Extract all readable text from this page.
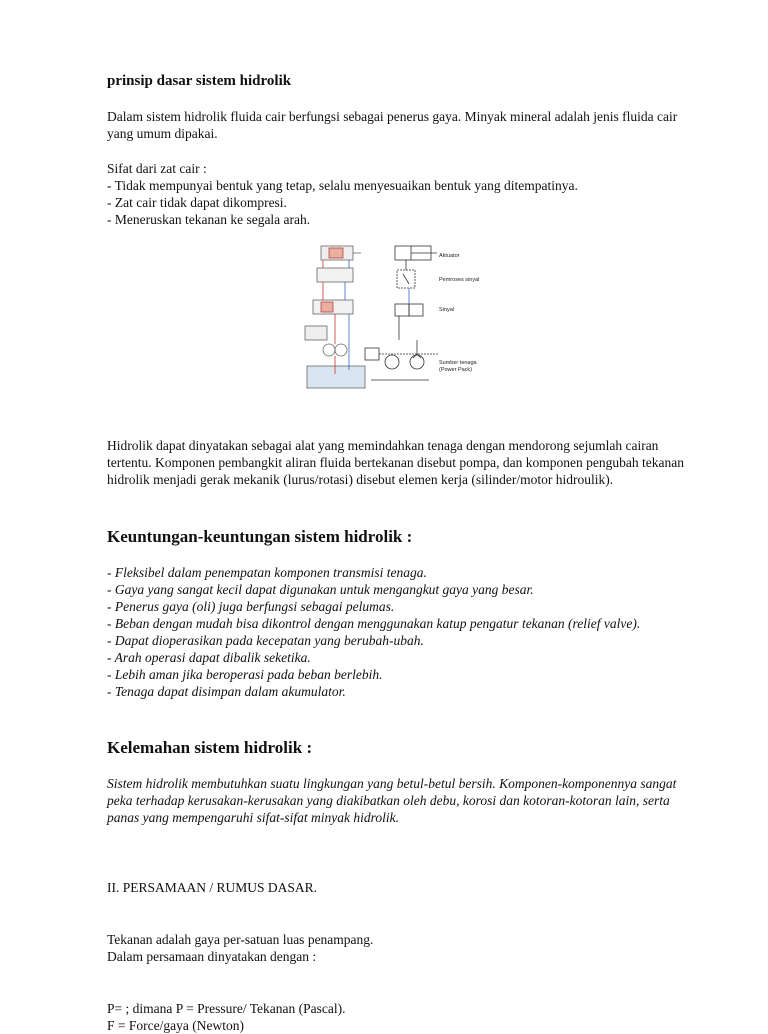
prinsip dasar sistem hidrolik

Dalam sistem hidrolik fluida cair berfungsi sebagai penerus gaya. Minyak mineral adalah jenis fluida cair yang umum dipakai.

Sifat dari zat cair :

- Tidak mempunyai bentuk yang tetap, selalu menyesuaikan bentuk yang ditempatinya.

- Zat cair tidak dapat dikompresi.

- Meneruskan tekanan ke segala arah.

Aktuator
Pemroses sinyal
Sinyal
Sumber tenaga
(Power Pack)

Hidrolik dapat dinyatakan sebagai alat yang memindahkan tenaga dengan mendorong sejumlah cairan tertentu. Komponen pembangkit aliran fluida bertekanan disebut pompa, dan komponen pengubah tekanan hidrolik menjadi gerak mekanik (lurus/rotasi) disebut elemen kerja (silinder/motor hidroulik).

Keuntungan-keuntungan sistem hidrolik :

- Fleksibel dalam penempatan komponen transmisi tenaga.

- Gaya yang sangat kecil dapat digunakan untuk mengangkut gaya yang besar.

- Penerus gaya (oli) juga berfungsi sebagai pelumas.

- Beban dengan mudah bisa dikontrol dengan menggunakan katup pengatur tekanan (relief valve).

- Dapat dioperasikan pada kecepatan yang berubah-ubah.

- Arah operasi dapat dibalik seketika.

- Lebih aman jika beroperasi pada beban berlebih.

- Tenaga dapat disimpan dalam akumulator.

Kelemahan sistem hidrolik :

Sistem hidrolik membutuhkan suatu lingkungan yang betul-betul bersih. Komponen-komponennya sangat peka terhadap kerusakan-kerusakan yang diakibatkan oleh debu, korosi dan kotoran-kotoran lain, serta panas yang mempengaruhi sifat-sifat minyak hidrolik.

II. PERSAMAAN / RUMUS DASAR.

Tekanan adalah gaya per-satuan luas penampang.

Dalam persamaan dinyatakan dengan :

P= ; dimana P = Pressure/ Tekanan (Pascal).

F = Force/gaya (Newton)
